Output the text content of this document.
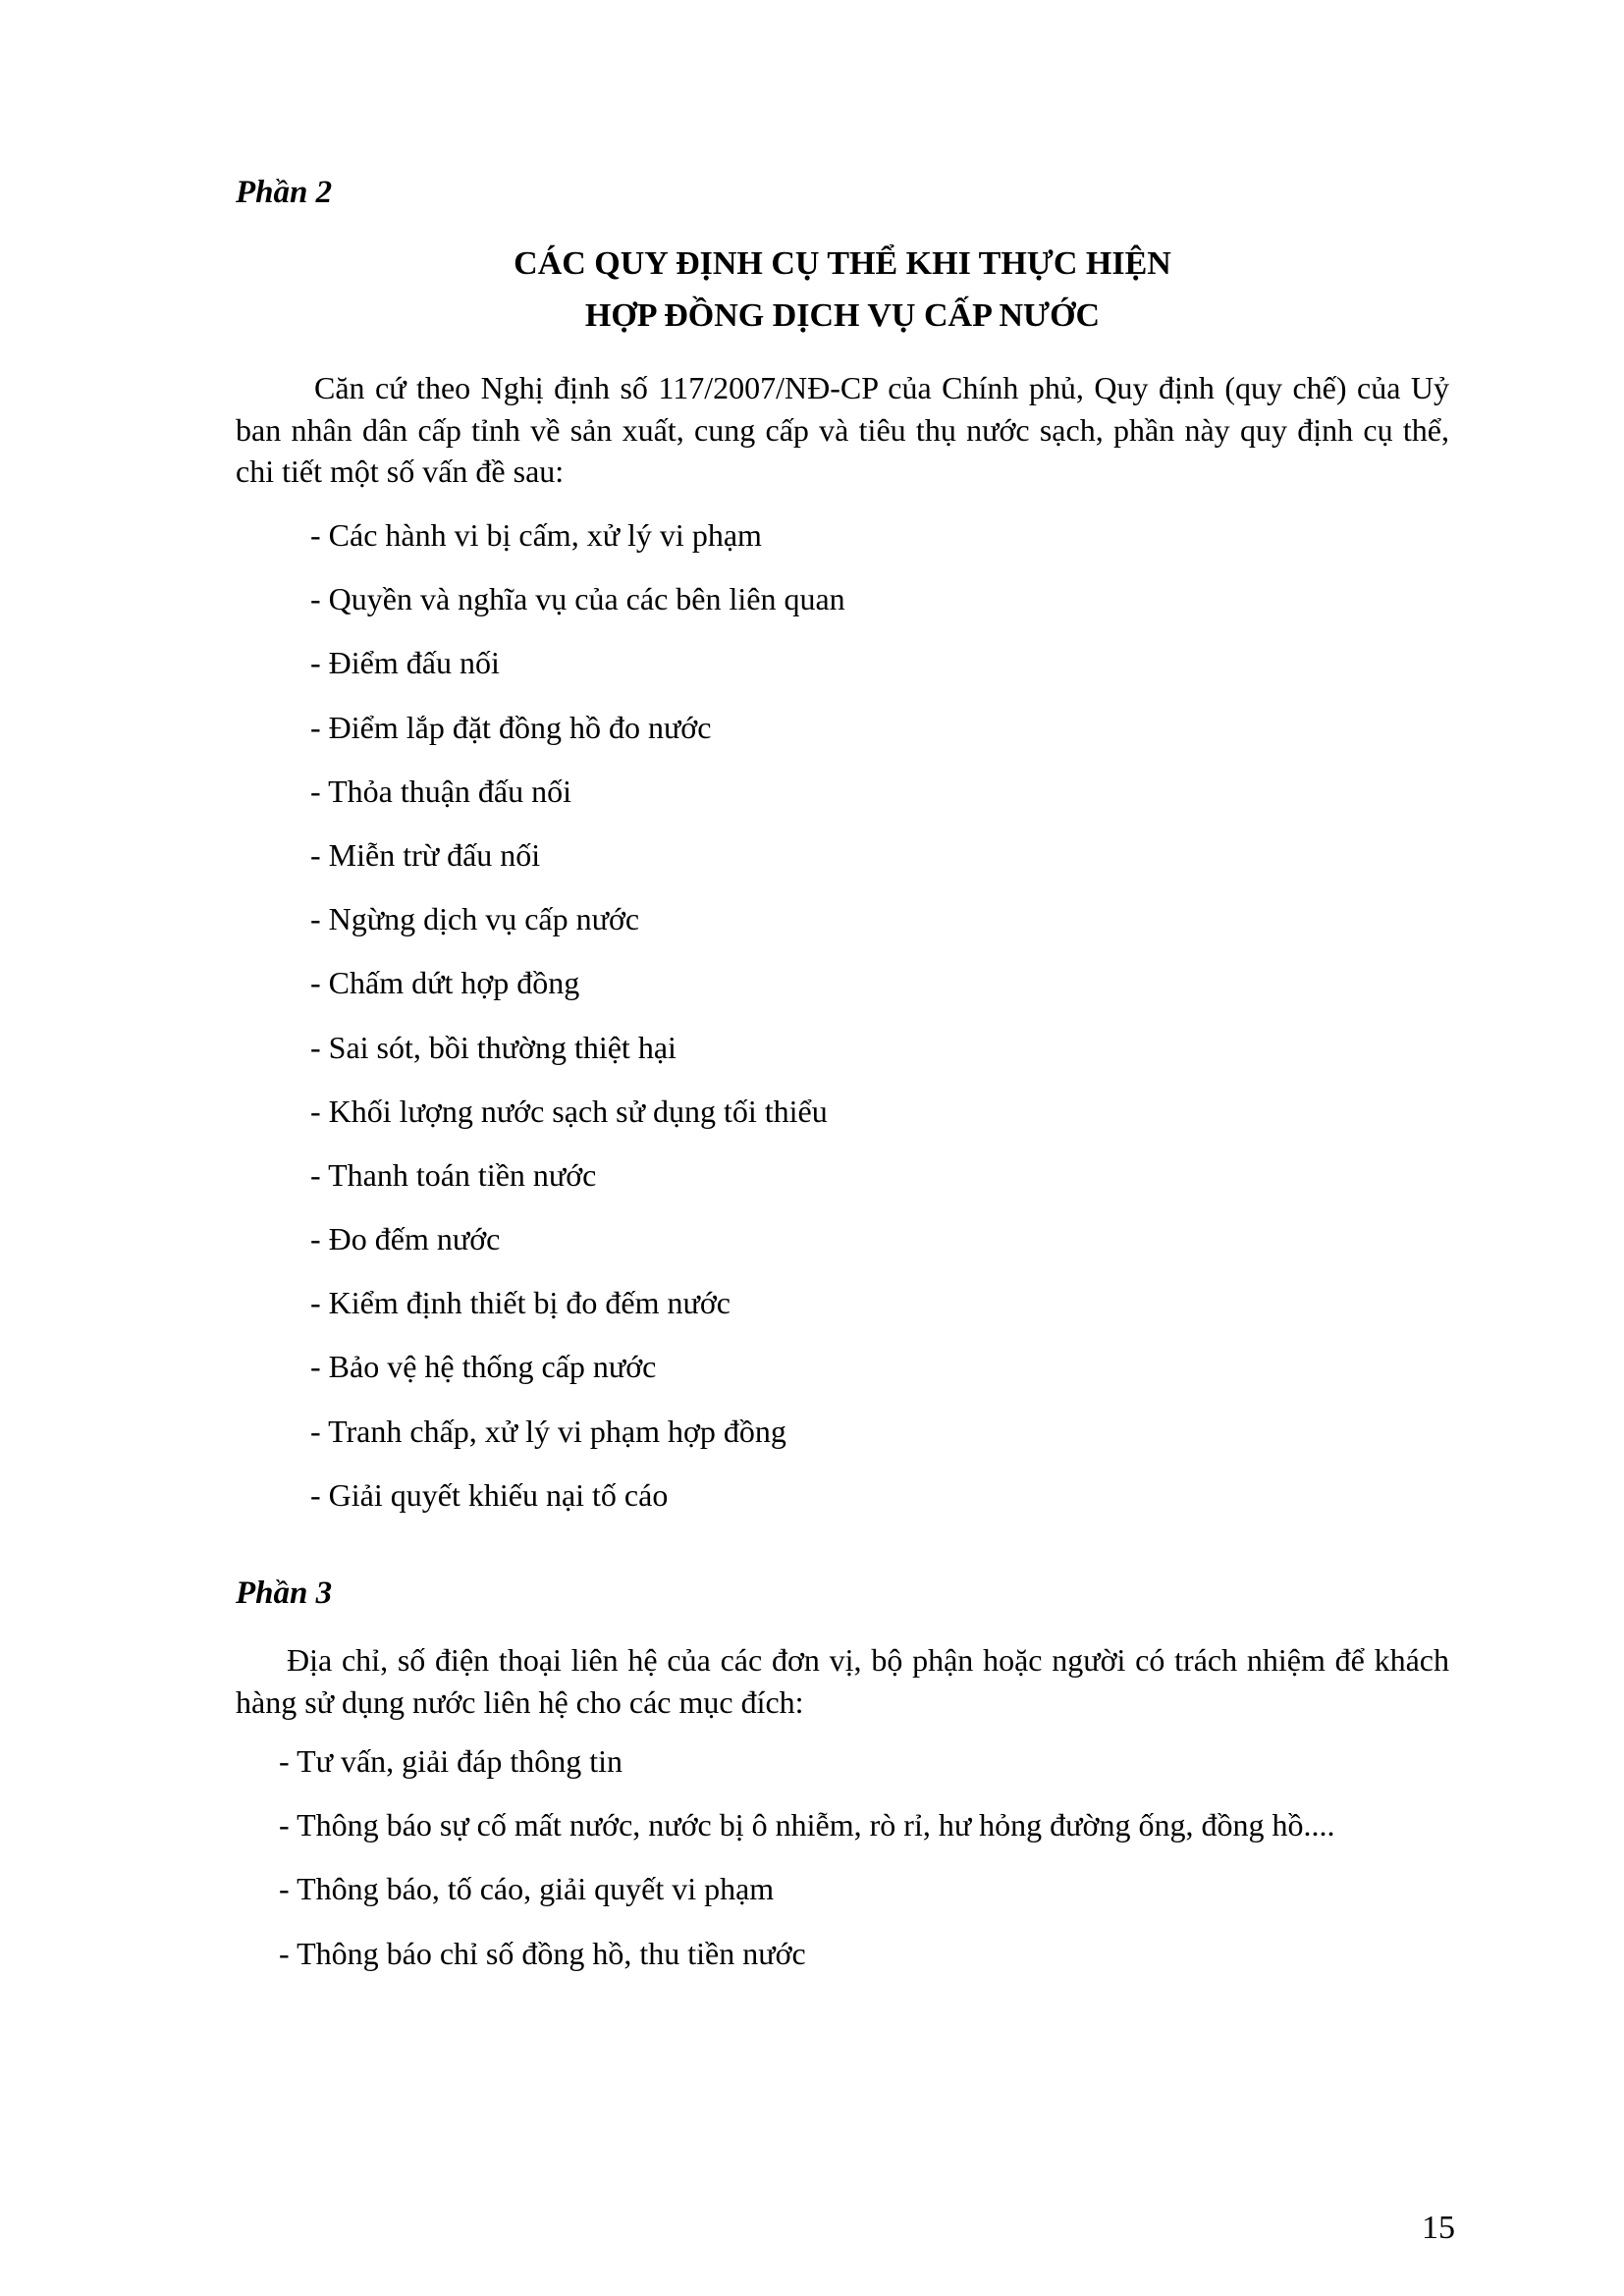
Phần 2
CÁC QUY ĐỊNH CỤ THỂ KHI THỰC HIỆN
HỢP ĐỒNG DỊCH VỤ CẤP NƯỚC

Căn cứ theo Nghị định số 117/2007/NĐ-CP của Chính phủ, Quy định (quy chế) của Uỷ ban nhân dân cấp tỉnh về sản xuất, cung cấp và tiêu thụ nước sạch, phần này quy định cụ thể, chi tiết một số vấn đề sau:

- Các hành vi bị cấm, xử lý vi phạm
- Quyền và nghĩa vụ của các bên liên quan
- Điểm đấu nối
- Điểm lắp đặt đồng hồ đo nước
- Thỏa thuận đấu nối
- Miễn trừ đấu nối
- Ngừng dịch vụ cấp nước
- Chấm dứt hợp đồng
- Sai sót, bồi thường thiệt hại
- Khối lượng nước sạch sử dụng tối thiểu
- Thanh toán tiền nước
- Đo đếm nước
- Kiểm định thiết bị đo đếm nước
- Bảo vệ hệ thống cấp nước
- Tranh chấp, xử lý vi phạm hợp đồng
- Giải quyết khiếu nại tố cáo
Phần 3

Địa chỉ, số điện thoại liên hệ của các đơn vị, bộ phận hoặc người có trách nhiệm để khách hàng sử dụng nước liên hệ cho các mục đích:

- Tư vấn, giải đáp thông tin
- Thông báo sự cố mất nước, nước bị ô nhiễm, rò rỉ, hư hỏng đường ống, đồng hồ....
- Thông báo, tố cáo, giải quyết vi phạm
- Thông báo chỉ số đồng hồ, thu tiền nước
15
